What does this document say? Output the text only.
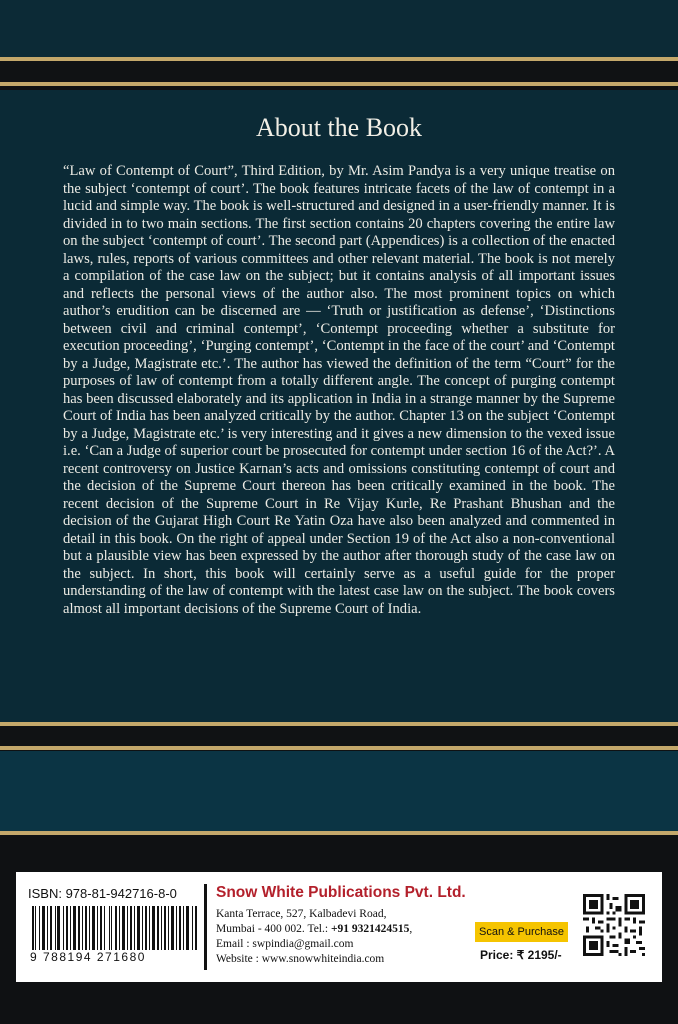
About the Book
“Law of Contempt of Court”, Third Edition, by Mr. Asim Pandya is a very unique treatise on the subject ‘contempt of court’. The book features intricate facets of the law of contempt in a lucid and simple way. The book is well-structured and designed in a user-friendly manner. It is divided in to two main sections. The first section contains 20 chapters covering the entire law on the subject ‘contempt of court’. The second part (Appendices) is a collection of the enacted laws, rules, reports of various committees and other relevant material. The book is not merely a compilation of the case law on the subject; but it contains analysis of all important issues and reflects the personal views of the author also. The most prominent topics on which author’s erudition can be discerned are — ‘Truth or justification as defense’, ‘Distinctions between civil and criminal contempt’, ‘Contempt proceeding whether a substitute for execution proceeding’, ‘Purging contempt’, ‘Contempt in the face of the court’ and ‘Contempt by a Judge, Magistrate etc.’. The author has viewed the definition of the term “Court” for the purposes of law of contempt from a totally different angle. The concept of purging contempt has been discussed elaborately and its application in India in a strange manner by the Supreme Court of India has been analyzed critically by the author. Chapter 13 on the subject ‘Contempt by a Judge, Magistrate etc.’ is very interesting and it gives a new dimension to the vexed issue i.e. ‘Can a Judge of superior court be prosecuted for contempt under section 16 of the Act?’. A recent controversy on Justice Karnan’s acts and omissions constituting contempt of court and the decision of the Supreme Court thereon has been critically examined in the book. The recent decision of the Supreme Court in Re Vijay Kurle, Re Prashant Bhushan and the decision of the Gujarat High Court Re Yatin Oza have also been analyzed and commented in detail in this book. On the right of appeal under Section 19 of the Act also a non-conventional but a plausible view has been expressed by the author after thorough study of the case law on the subject. In short, this book will certainly serve as a useful guide for the proper understanding of the law of contempt with the latest case law on the subject. The book covers almost all important decisions of the Supreme Court of India.
ISBN: 978-81-942716-8-0
9 788194 271680
Snow White Publications Pvt. Ltd.
Kanta Terrace, 527, Kalbadevi Road,
Mumbai - 400 002. Tel.: +91 9321424515,
Email : swpindia@gmail.com
Website : www.snowwhiteindia.com
Scan & Purchase
Price: ₹ 2195/-
